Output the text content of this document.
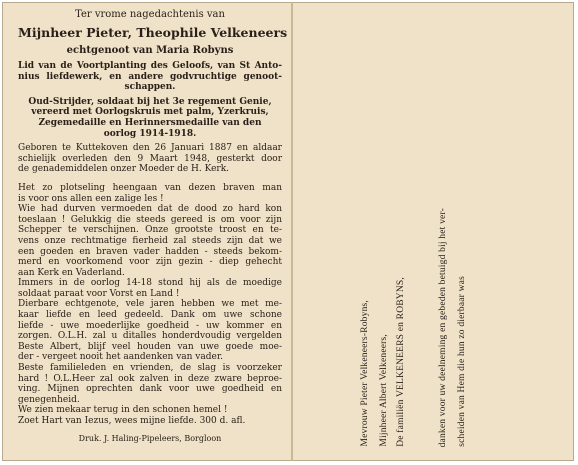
Ter vrome nagedachtenis van
Mijnheer Pieter, Theophile Velkeneers
echtgenoot van Maria Robyns
Lid van de Voortplanting des Geloofs, van St Anto-
nius liefdewerk, en andere godvruchtige genoot-
schappen.
Oud-Strijder, soldaat bij het 3e regement Genie,
vereerd met Oorlogskruis met palm, Yzerkruis,
Zegemedaille en Herinnersmedaille van den
oorlog 1914-1918.
Geboren te Kuttekoven den 26 Januari 1887 en aldaar
schielijk overleden den 9 Maart 1948, gesterkt door
de genademiddelen onzer Moeder de H. Kerk.
Het zo plotseling heengaan van dezen braven man
is voor ons allen een zalige les !
Wie had durven vermoeden dat de dood zo hard kon
toeslaan ! Gelukkig die steeds gereed is om voor zijn
Schepper te verschijnen. Onze grootste troost en te-
vens onze rechtmatige fierheid zal steeds zijn dat we
een goeden en braven vader hadden - steeds bekom-
merd en voorkomend voor zijn gezin - diep gehecht
aan Kerk en Vaderland.
Immers in de oorlog 14-18 stond hij als de moedige
soldaat paraat voor Vorst en Land !
Dierbare echtgenote, vele jaren hebben we met me-
kaar liefde en leed gedeeld. Dank om uwe schone
liefde - uwe moederlijke goedheid - uw kommer en
zorgen. O.L.H. zal u ditalles honderdvoudig vergelden
Beste Albert, blijf veel houden van uwe goede moe-
der - vergeet nooit het aandenken van vader.
Beste familieleden en vrienden, de slag is voorzeker
hard ! O.L.Heer zal ook zalven in deze zware beproe-
ving. Mijnen oprechten dank voor uwe goedheid en
genegenheid.
We zien mekaar terug in den schonen hemel !
Zoet Hart van Iezus, wees mijne liefde. 300 d. afl.
Druk. J. Haling-Pipeleers, Borgloon	Mevrouw Pieter Velkeneers-Robyns, Mijnheer Albert Velkeneers, De familiën VELKENEERS en ROBYNS,	danken voor uw deelneming en gebeden betuigd bij het ver- scheiden van Hem die hun zo dierbaar was
